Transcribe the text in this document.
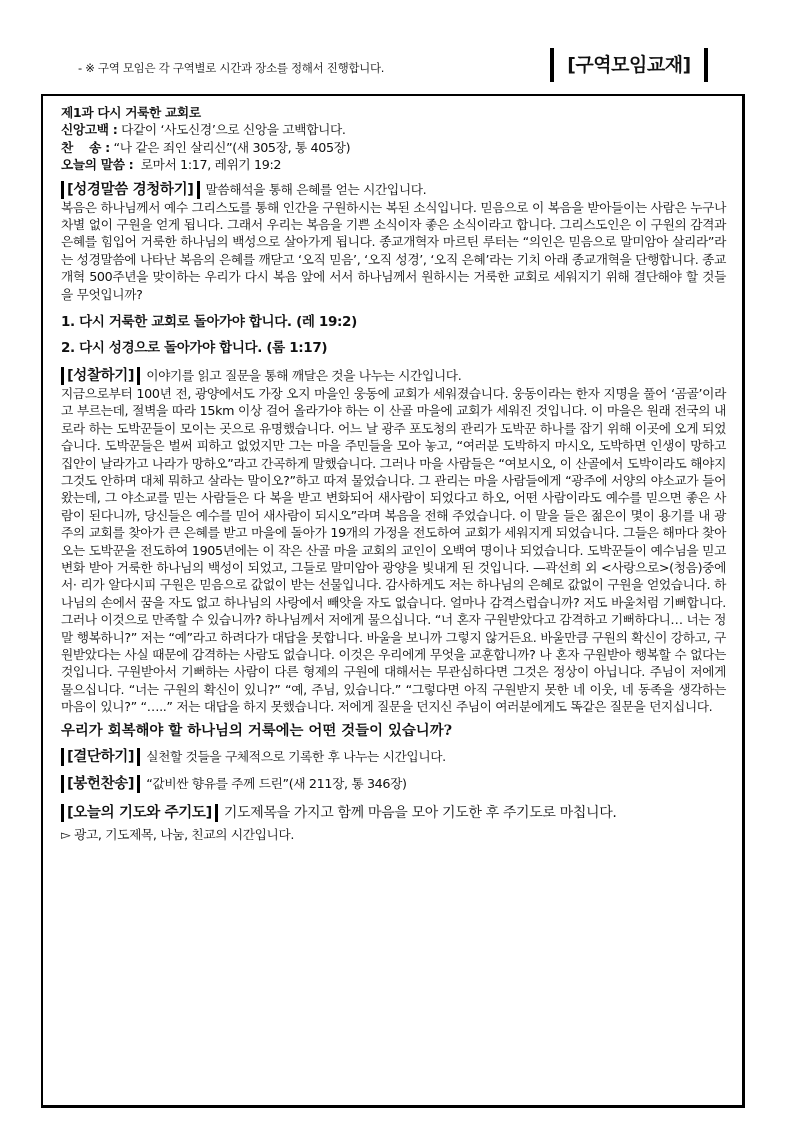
- ※ 구역 모임은 각 구역별로 시간과 장소를 정해서 진행합니다.	[구역모임교재]
제1과 다시 거룩한 교회로
신앙고백 : 다같이 ‘사도신경’으로 신앙을 고백합니다.
찬    송 : “나 같은 죄인 살리신”(새 305장, 통 405장)
오늘의 말씀 :  로마서 1:17, 레위기 19:2
[성경말씀 경청하기] 말씀해석을 통해 은혜를 얻는 시간입니다.
복음은 하나님께서 예수 그리스도를 통해 인간을 구원하시는 복된 소식입니다. 믿음으로 이 복음을 받아들이는 사람은 누구나 차별 없이 구원을 얻게 됩니다. 그래서 우리는 복음을 기쁜 소식이자 좋은 소식이라고 합니다. 그리스도인은 이 구원의 감격과 은혜를 힘입어 거룩한 하나님의 백성으로 살아가게 됩니다. 종교개혁자 마르틴 루터는 “의인은 믿음으로 말미암아 살리라”라는 성경말씀에 나타난 복음의 은혜를 깨닫고 ‘오직 믿음’, ‘오직 성경’, ‘오직 은혜’라는 기치 아래 종교개혁을 단행합니다. 종교개혁 500주년을 맞이하는 우리가 다시 복음 앞에 서서 하나님께서 원하시는 거룩한 교회로 세워지기 위해 결단해야 할 것들을 무엇입니까?
1. 다시 거룩한 교회로 돌아가야 합니다. (레 19:2)
2. 다시 성경으로 돌아가야 합니다. (롬 1:17)
[성찰하기] 이야기를 읽고 질문을 통해 깨달은 것을 나누는 시간입니다.
지금으로부터 100년 전, 광양에서도 가장 오지 마을인 웅동에 교회가 세워졌습니다. 웅동이라는 한자 지명을 풀어 ‘곰골’이라고 부르는데, 절벽을 따라 15km 이상 걸어 올라가야 하는 이 산골 마을에 교회가 세워진 것입니다. 이 마을은 원래 전국의 내로라 하는 도박꾼들이 모이는 곳으로 유명했습니다. 어느 날 광주 포도청의 관리가 도박꾼 하나를 잡기 위해 이곳에 오게 되었습니다. 도박꾼들은 벌써 피하고 없었지만 그는 마을 주민들을 모아 놓고, “여러분 도박하지 마시오, 도박하면 인생이 망하고 집안이 날라가고 나라가 망하오”라고 간곡하게 말했습니다. 그러나 마을 사람들은 “여보시오, 이 산골에서 도박이라도 해야지 그것도 안하며 대체 뭐하고 살라는 말이오?”하고 따져 물었습니다. 그 관리는 마을 사람들에게 “광주에 서양의 야소교가 들어왔는데, 그 야소교를 믿는 사람들은 다 복을 받고 변화되어 새사람이 되었다고 하오, 어떤 사람이라도 예수를 믿으면 좋은 사람이 된다니까, 당신들은 예수를 믿어 새사람이 되시오”라며 복음을 전해 주었습니다. 이 말을 들은 젊은이 몇이 용기를 내 광주의 교회를 찾아가 큰 은혜를 받고 마을에 돌아가 19개의 가정을 전도하여 교회가 세워지게 되었습니다. 그들은 해마다 찾아오는 도박꾼을 전도하여 1905년에는 이 작은 산골 마을 교회의 교인이 오백여 명이나 되었습니다. 도박꾼들이 예수님을 믿고 변화 받아 거룩한 하나님의 백성이 되었고, 그들로 말미암아 광양을 빛내게 된 것입니다. —곽선희 외 <사랑으로>(청음)중에서· 리가 알다시피 구원은 믿음으로 값없이 받는 선물입니다. 감사하게도 저는 하나님의 은혜로 값없이 구원을 얻었습니다. 하나님의 손에서 꿈을 자도 없고 하나님의 사랑에서 빼앗을 자도 없습니다. 얼마나 감격스럽습니까? 저도 바울처럼 기뻐합니다. 그러나 이것으로 만족할 수 있습니까? 하나님께서 저에게 물으십니다. “너 혼자 구원받았다고 감격하고 기뻐하다니… 너는 정말 행복하니?” 저는 “예”라고 하려다가 대답을 못합니다. 바울을 보니까 그렇지 않거든요. 바울만큼 구원의 확신이 강하고, 구원받았다는 사실 때문에 감격하는 사람도 없습니다. 이것은 우리에게 무엇을 교훈합니까? 나 혼자 구원받아 행복할 수 없다는 것입니다. 구원받아서 기뻐하는 사람이 다른 형제의 구원에 대해서는 무관심하다면 그것은 정상이 아닙니다. 주님이 저에게 물으십니다. “너는 구원의 확신이 있니?” “예, 주님, 있습니다.” “그렇다면 아직 구원받지 못한 네 이웃, 네 동족을 생각하는 마음이 있니?” “…..” 저는 대답을 하지 못했습니다. 저에게 질문을 던지신 주님이 여러분에게도 똑같은 질문을 던지십니다.
우리가 회복해야 할 하나님의 거룩에는 어떤 것들이 있습니까?
[결단하기] 실천할 것들을 구체적으로 기록한 후 나누는 시간입니다.
[봉헌찬송] “값비싼 향유를 주께 드린”(새 211장, 통 346장)
[오늘의 기도와 주기도] 기도제목을 가지고 함께 마음을 모아 기도한 후 주기도로 마칩니다.
▻ 광고, 기도제목, 나눔, 친교의 시간입니다.
